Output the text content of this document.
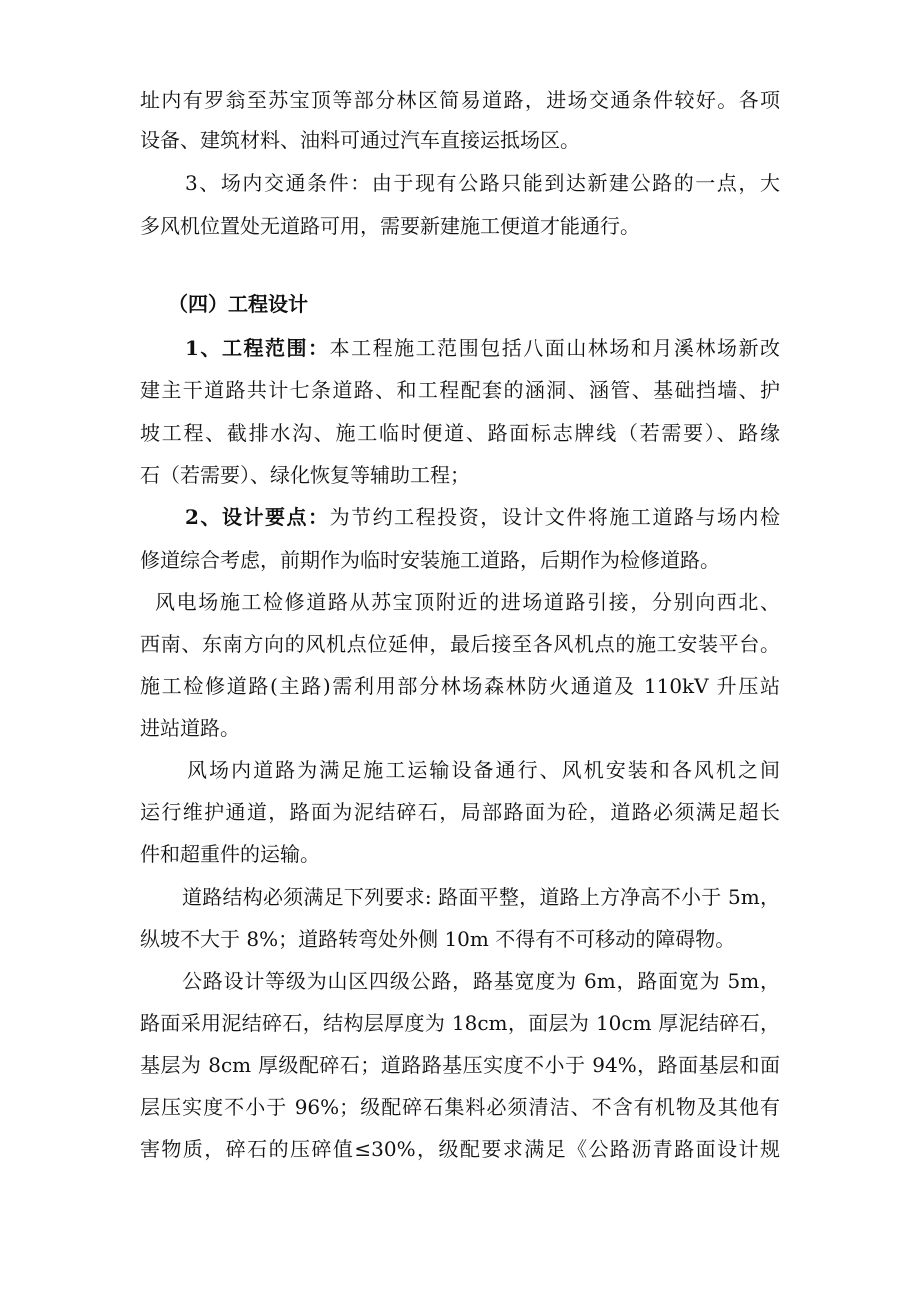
址内有罗翁至苏宝顶等部分林区简易道路，进场交通条件较好。各项
设备、建筑材料、油料可通过汽车直接运抵场区。
3、场内交通条件：由于现有公路只能到达新建公路的一点，大
多风机位置处无道路可用，需要新建施工便道才能通行。
（四）工程设计
1、工程范围：本工程施工范围包括八面山林场和月溪林场新改
建主干道路共计七条道路、和工程配套的涵洞、涵管、基础挡墙、护
坡工程、截排水沟、施工临时便道、路面标志牌线（若需要）、路缘
石（若需要）、绿化恢复等辅助工程；
2、设计要点：为节约工程投资，设计文件将施工道路与场内检
修道综合考虑，前期作为临时安装施工道路，后期作为检修道路。
风电场施工检修道路从苏宝顶附近的进场道路引接，分别向西北、
西南、东南方向的风机点位延伸，最后接至各风机点的施工安装平台。
施工检修道路(主路)需利用部分林场森林防火通道及 110kV 升压站
进站道路。
风场内道路为满足施工运输设备通行、风机安装和各风机之间
运行维护通道，路面为泥结碎石，局部路面为砼，道路必须满足超长
件和超重件的运输。
道路结构必须满足下列要求: 路面平整，道路上方净高不小于 5m，
纵坡不大于 8%；道路转弯处外侧 10m 不得有不可移动的障碍物。
公路设计等级为山区四级公路，路基宽度为 6m，路面宽为 5m，
路面采用泥结碎石，结构层厚度为 18cm，面层为 10cm 厚泥结碎石，
基层为 8cm 厚级配碎石；道路路基压实度不小于 94%，路面基层和面
层压实度不小于 96%；级配碎石集料必须清洁、不含有机物及其他有
害物质，碎石的压碎值≤30%，级配要求满足《公路沥青路面设计规
